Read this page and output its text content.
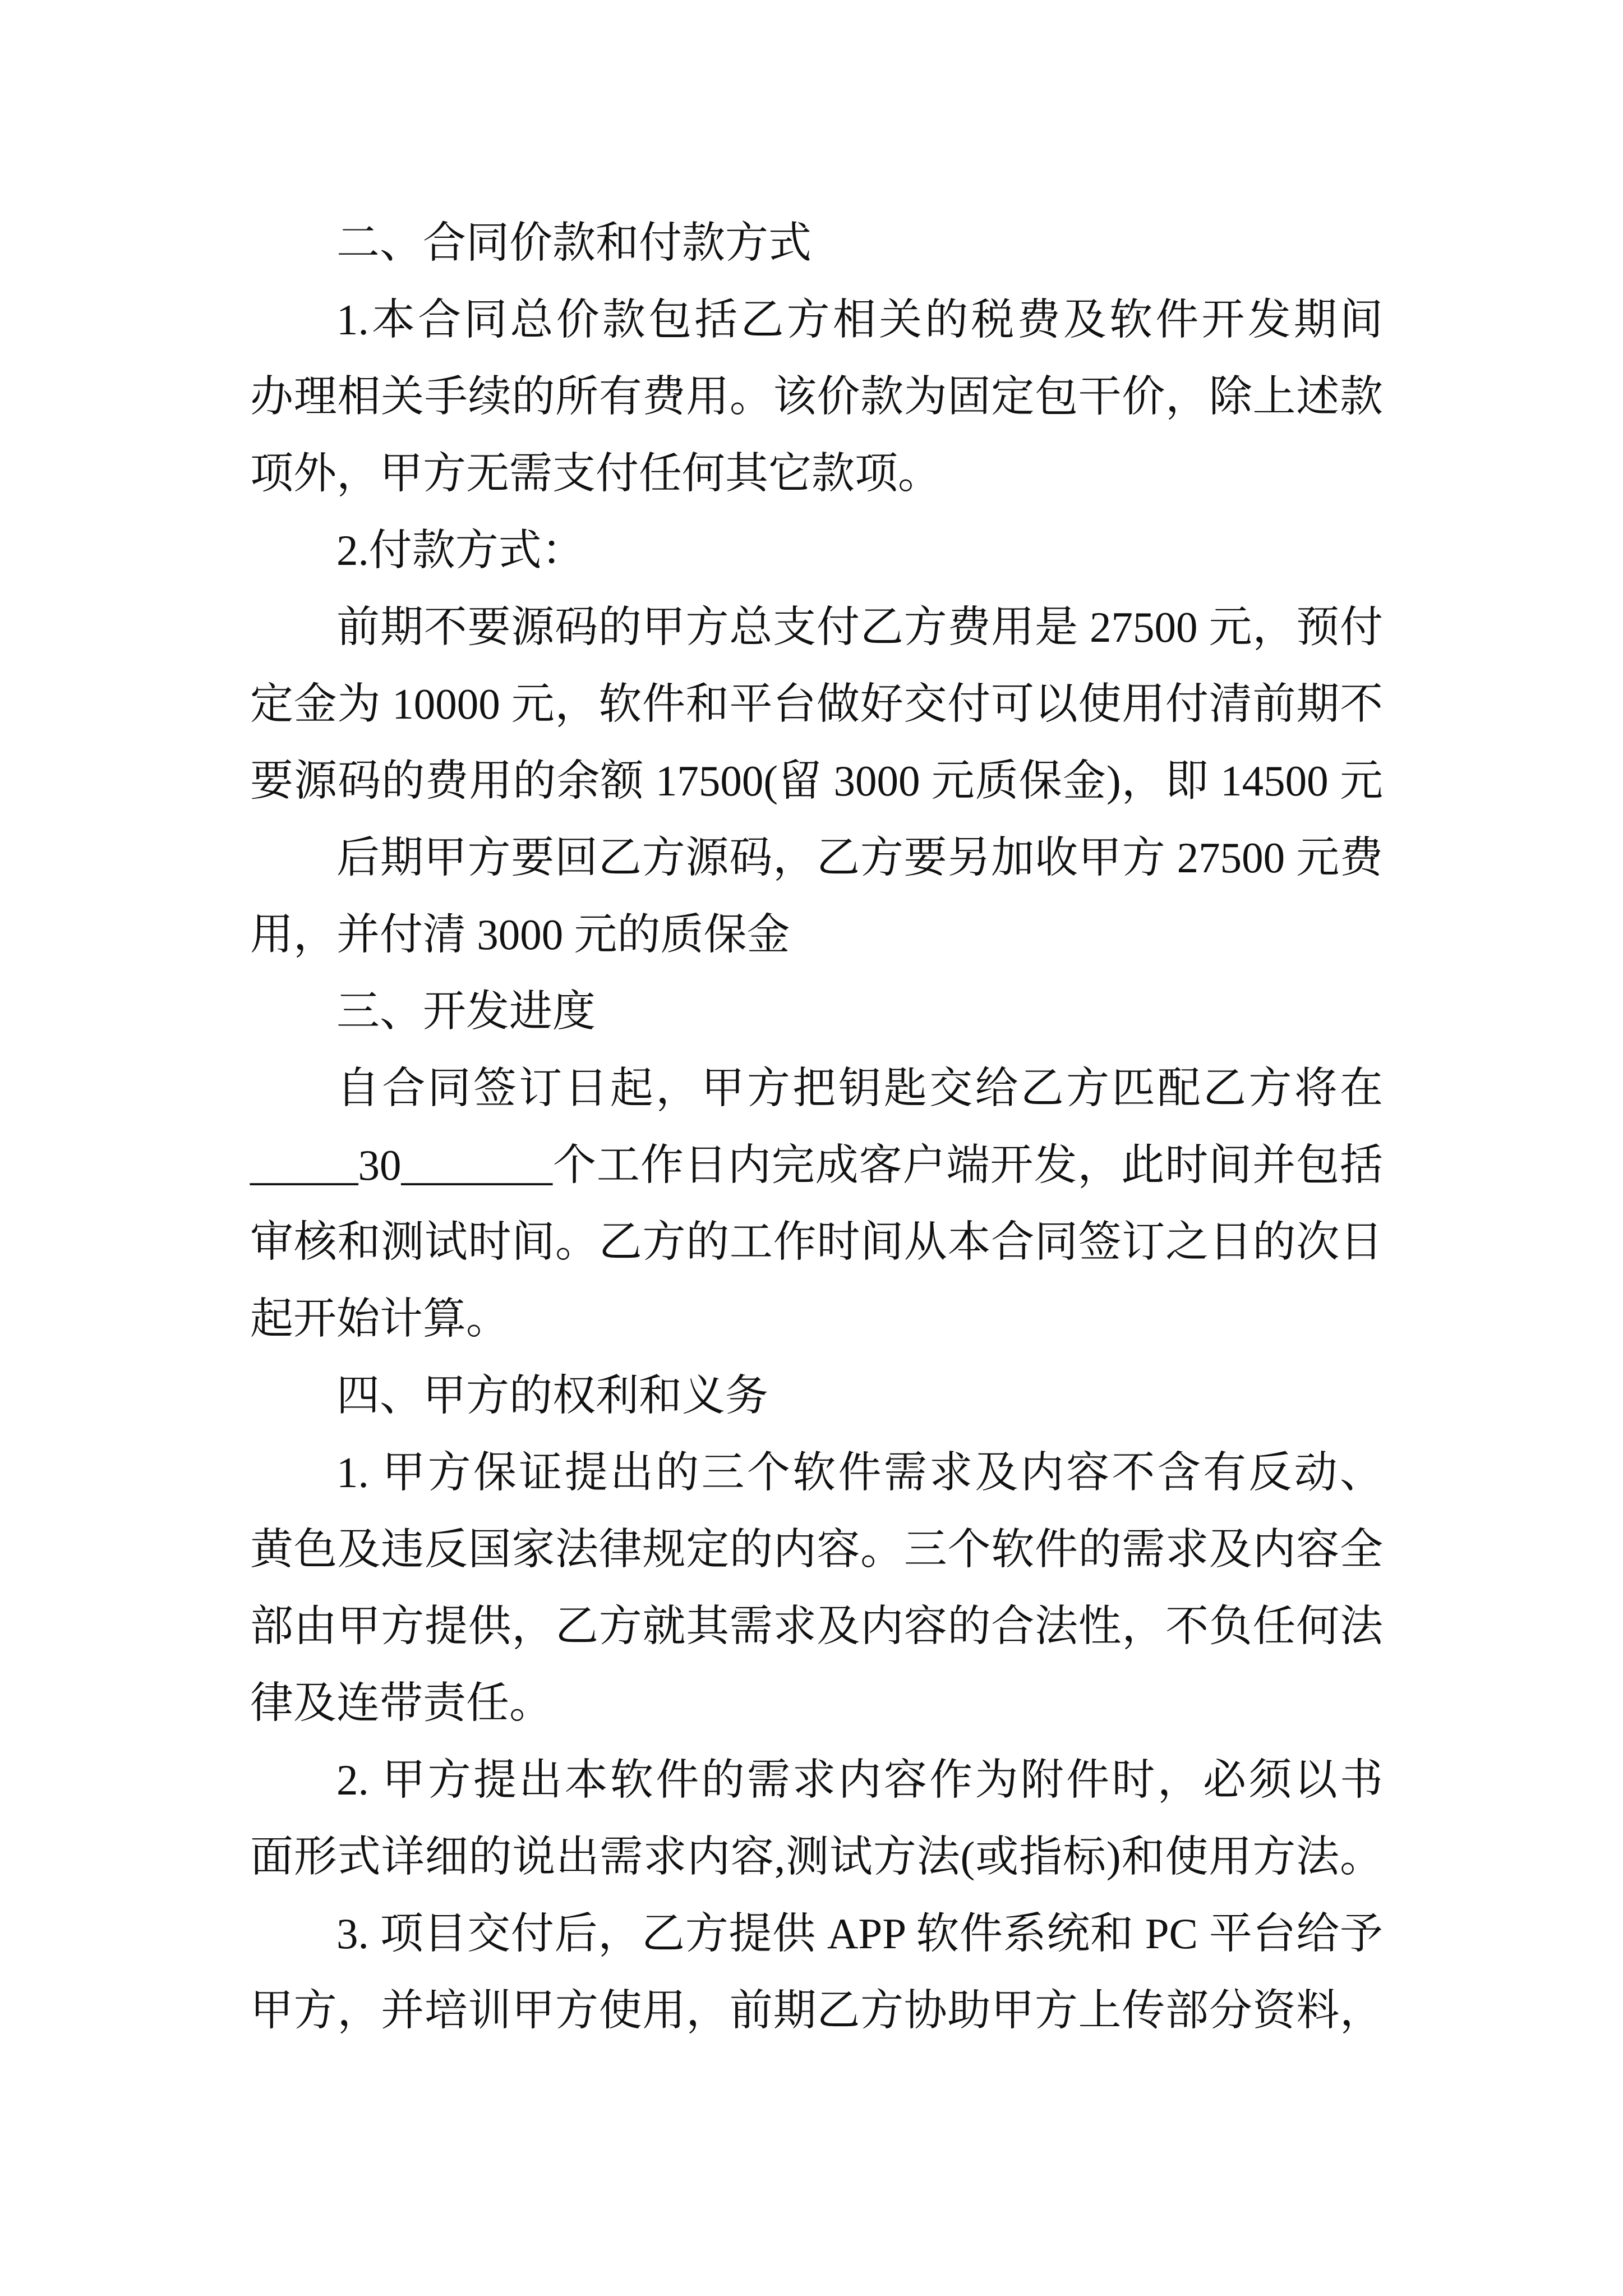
二、合同价款和付款方式
1.本合同总价款包括乙方相关的税费及软件开发期间
办理相关手续的所有费用。该价款为固定包干价，除上述款
项外，甲方无需支付任何其它款项。
2.付款方式：
前期不要源码的甲方总支付乙方费用是 27500 元，预付
定金为 10000 元，软件和平台做好交付可以使用付清前期不
要源码的费用的余额 17500(留 3000 元质保金)，即 14500 元
后期甲方要回乙方源码，乙方要另加收甲方 27500 元费
用，并付清 3000 元的质保金
三、开发进度
自合同签订日起，甲方把钥匙交给乙方匹配乙方将在
_____30_______个工作日内完成客户端开发，此时间并包括
审核和测试时间。乙方的工作时间从本合同签订之日的次日
起开始计算。
四、甲方的权利和义务
1. 甲方保证提出的三个软件需求及内容不含有反动、
黄色及违反国家法律规定的内容。三个软件的需求及内容全
部由甲方提供，乙方就其需求及内容的合法性，不负任何法
律及连带责任。
2. 甲方提出本软件的需求内容作为附件时，必须以书
面形式详细的说出需求内容,测试方法(或指标)和使用方法。
3. 项目交付后，乙方提供 APP 软件系统和 PC 平台给予
甲方，并培训甲方使用，前期乙方协助甲方上传部分资料，
